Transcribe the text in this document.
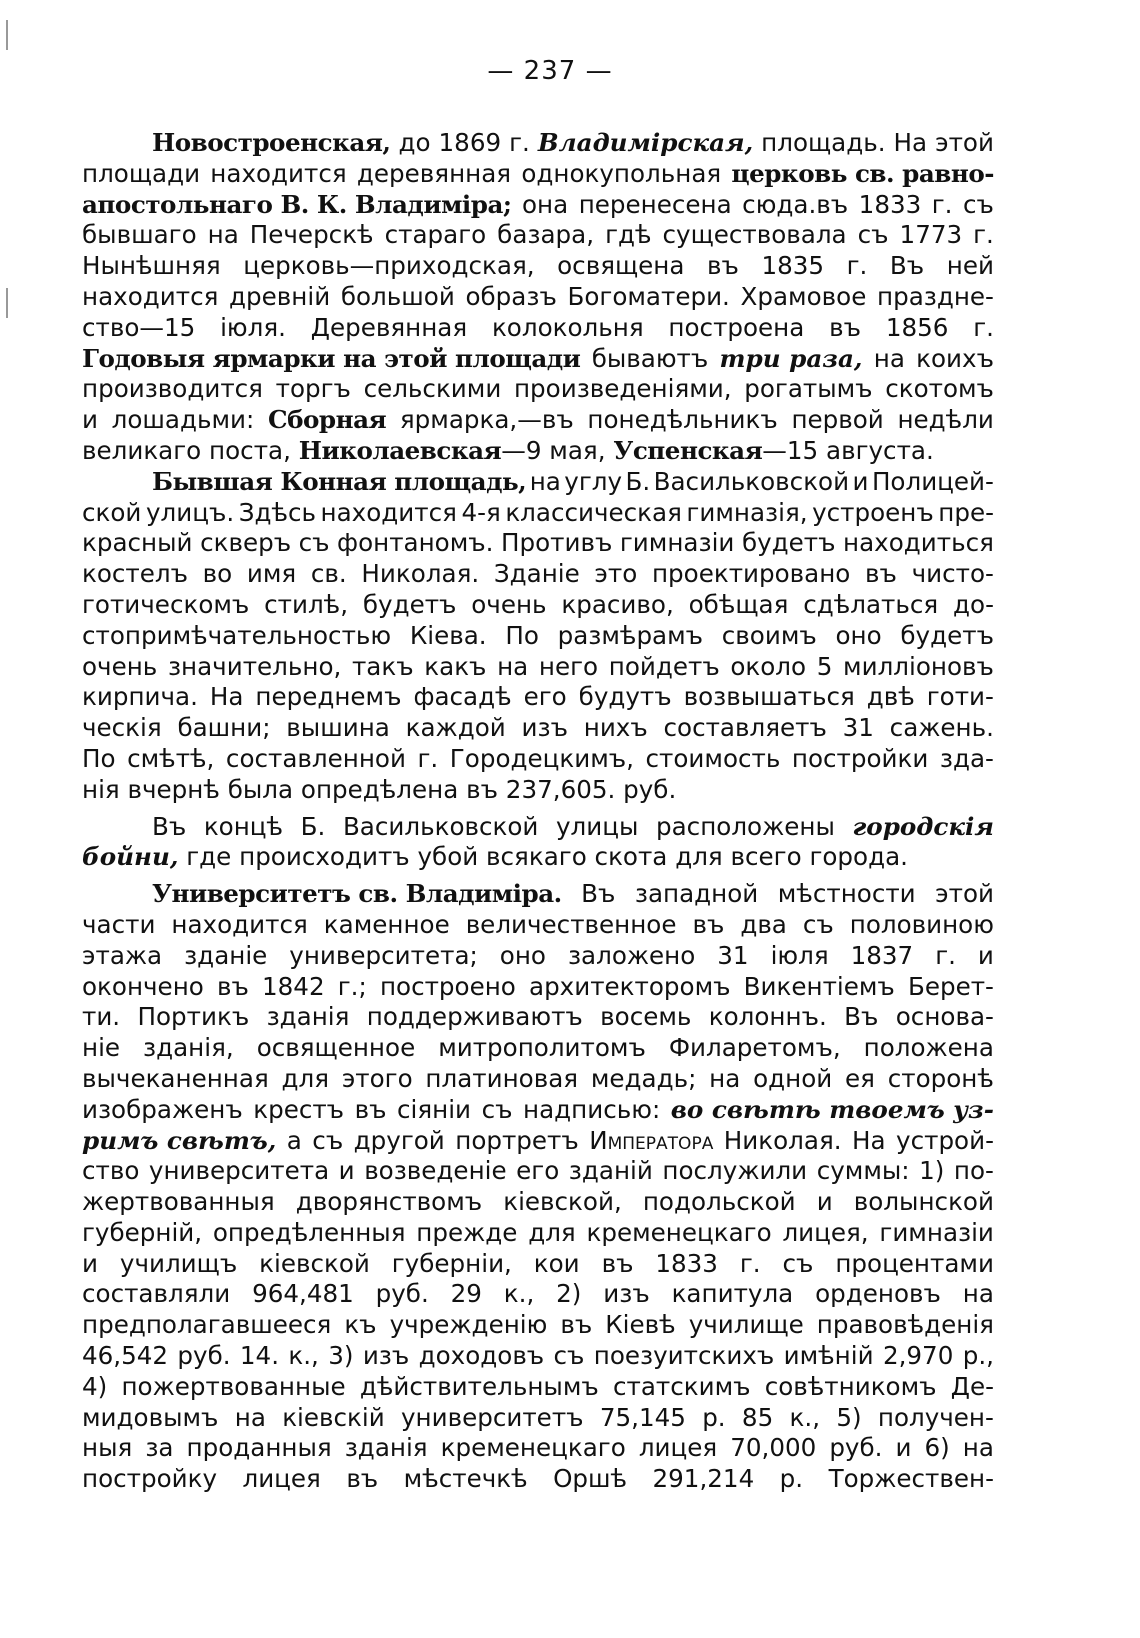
— 237 —
Новостроенская, до 1869 г. Владимірская, площадь. На этой
площади находится деревянная однокупольная церковь св. равно-
апостольнаго В. К. Владиміра; она перенесена сюда.въ 1833 г. съ
бывшаго на Печерскѣ стараго базара, гдѣ существовала съ 1773 г.
Нынѣшняя церковь—приходская, освящена въ 1835 г. Въ ней
находится древній большой образъ Богоматери. Храмовое праздне-
ство—15 іюля. Деревянная колокольня построена въ 1856 г.
Годовыя ярмарки на этой площади бываютъ три раза, на коихъ
производится торгъ сельскими произведеніями, рогатымъ скотомъ
и лошадьми: Сборная ярмарка,—въ понедѣльникъ первой недѣли
великаго поста, Николаевская —9 мая, Успенская —15 августа.
Бывшая Конная площадь, на углу Б. Васильковской и Полицей-
ской улицъ. Здѣсь находится 4-я классическая гимназія, устроенъ пре-
красный скверъ съ фонтаномъ. Противъ гимназіи будетъ находиться
костелъ во имя св. Николая. Зданіе это проектировано въ чисто-
готическомъ стилѣ, будетъ очень красиво, обѣщая сдѣлаться до-
стопримѣчательностью Кіева. По размѣрамъ своимъ оно будетъ
очень значительно, такъ какъ на него пойдетъ около 5 милліоновъ
кирпича. На переднемъ фасадѣ его будутъ возвышаться двѣ готи-
ческія башни; вышина каждой изъ нихъ составляетъ 31 сажень.
По смѣтѣ, составленной г. Городецкимъ, стоимость постройки зда-
нія вчернѣ была опредѣлена въ 237,605. руб.
Въ концѣ Б. Васильковской улицы расположены городскія
бойни, где происходитъ убой всякаго скота для всего города.
Университетъ св. Владиміра. Въ западной мѣстности этой
части находится каменное величественное въ два съ половиною
этажа зданіе университета; оно заложено 31 іюля 1837 г. и
окончено въ 1842 г.; построено архитекторомъ Викентіемъ Берет-
ти. Портикъ зданія поддерживаютъ восемь колоннъ. Въ основа-
ніе зданія, освященное митрополитомъ Филаретомъ, положена
вычеканенная для этого платиновая медадь; на одной ея сторонѣ
изображенъ крестъ въ сіяніи съ надписью: во свѣтѣ твоемъ уз-
римъ свѣтъ, а съ другой портретъ Императора Николая. На устрой-
ство университета и возведеніе его зданій послужили суммы: 1) по-
жертвованныя дворянствомъ кіевской, подольской и волынской
губерній, опредѣленныя прежде для кременецкаго лицея, гимназіи
и училищъ кіевской губерніи, кои въ 1833 г. съ процентами
составляли 964,481 руб. 29 к., 2) изъ капитула орденовъ на
предполагавшееся къ учрежденію въ Кіевѣ училище правовѣденія
46,542 руб. 14. к., 3) изъ доходовъ съ поезуитскихъ имѣній 2,970 р.,
4) пожертвованные дѣйствительнымъ статскимъ совѣтникомъ Де-
мидовымъ на кіевскій университетъ 75,145 р. 85 к., 5) получен-
ныя за проданныя зданія кременецкаго лицея 70,000 руб. и 6) на
постройку лицея въ мѣстечкѣ Оршѣ 291,214 р. Торжествен-
